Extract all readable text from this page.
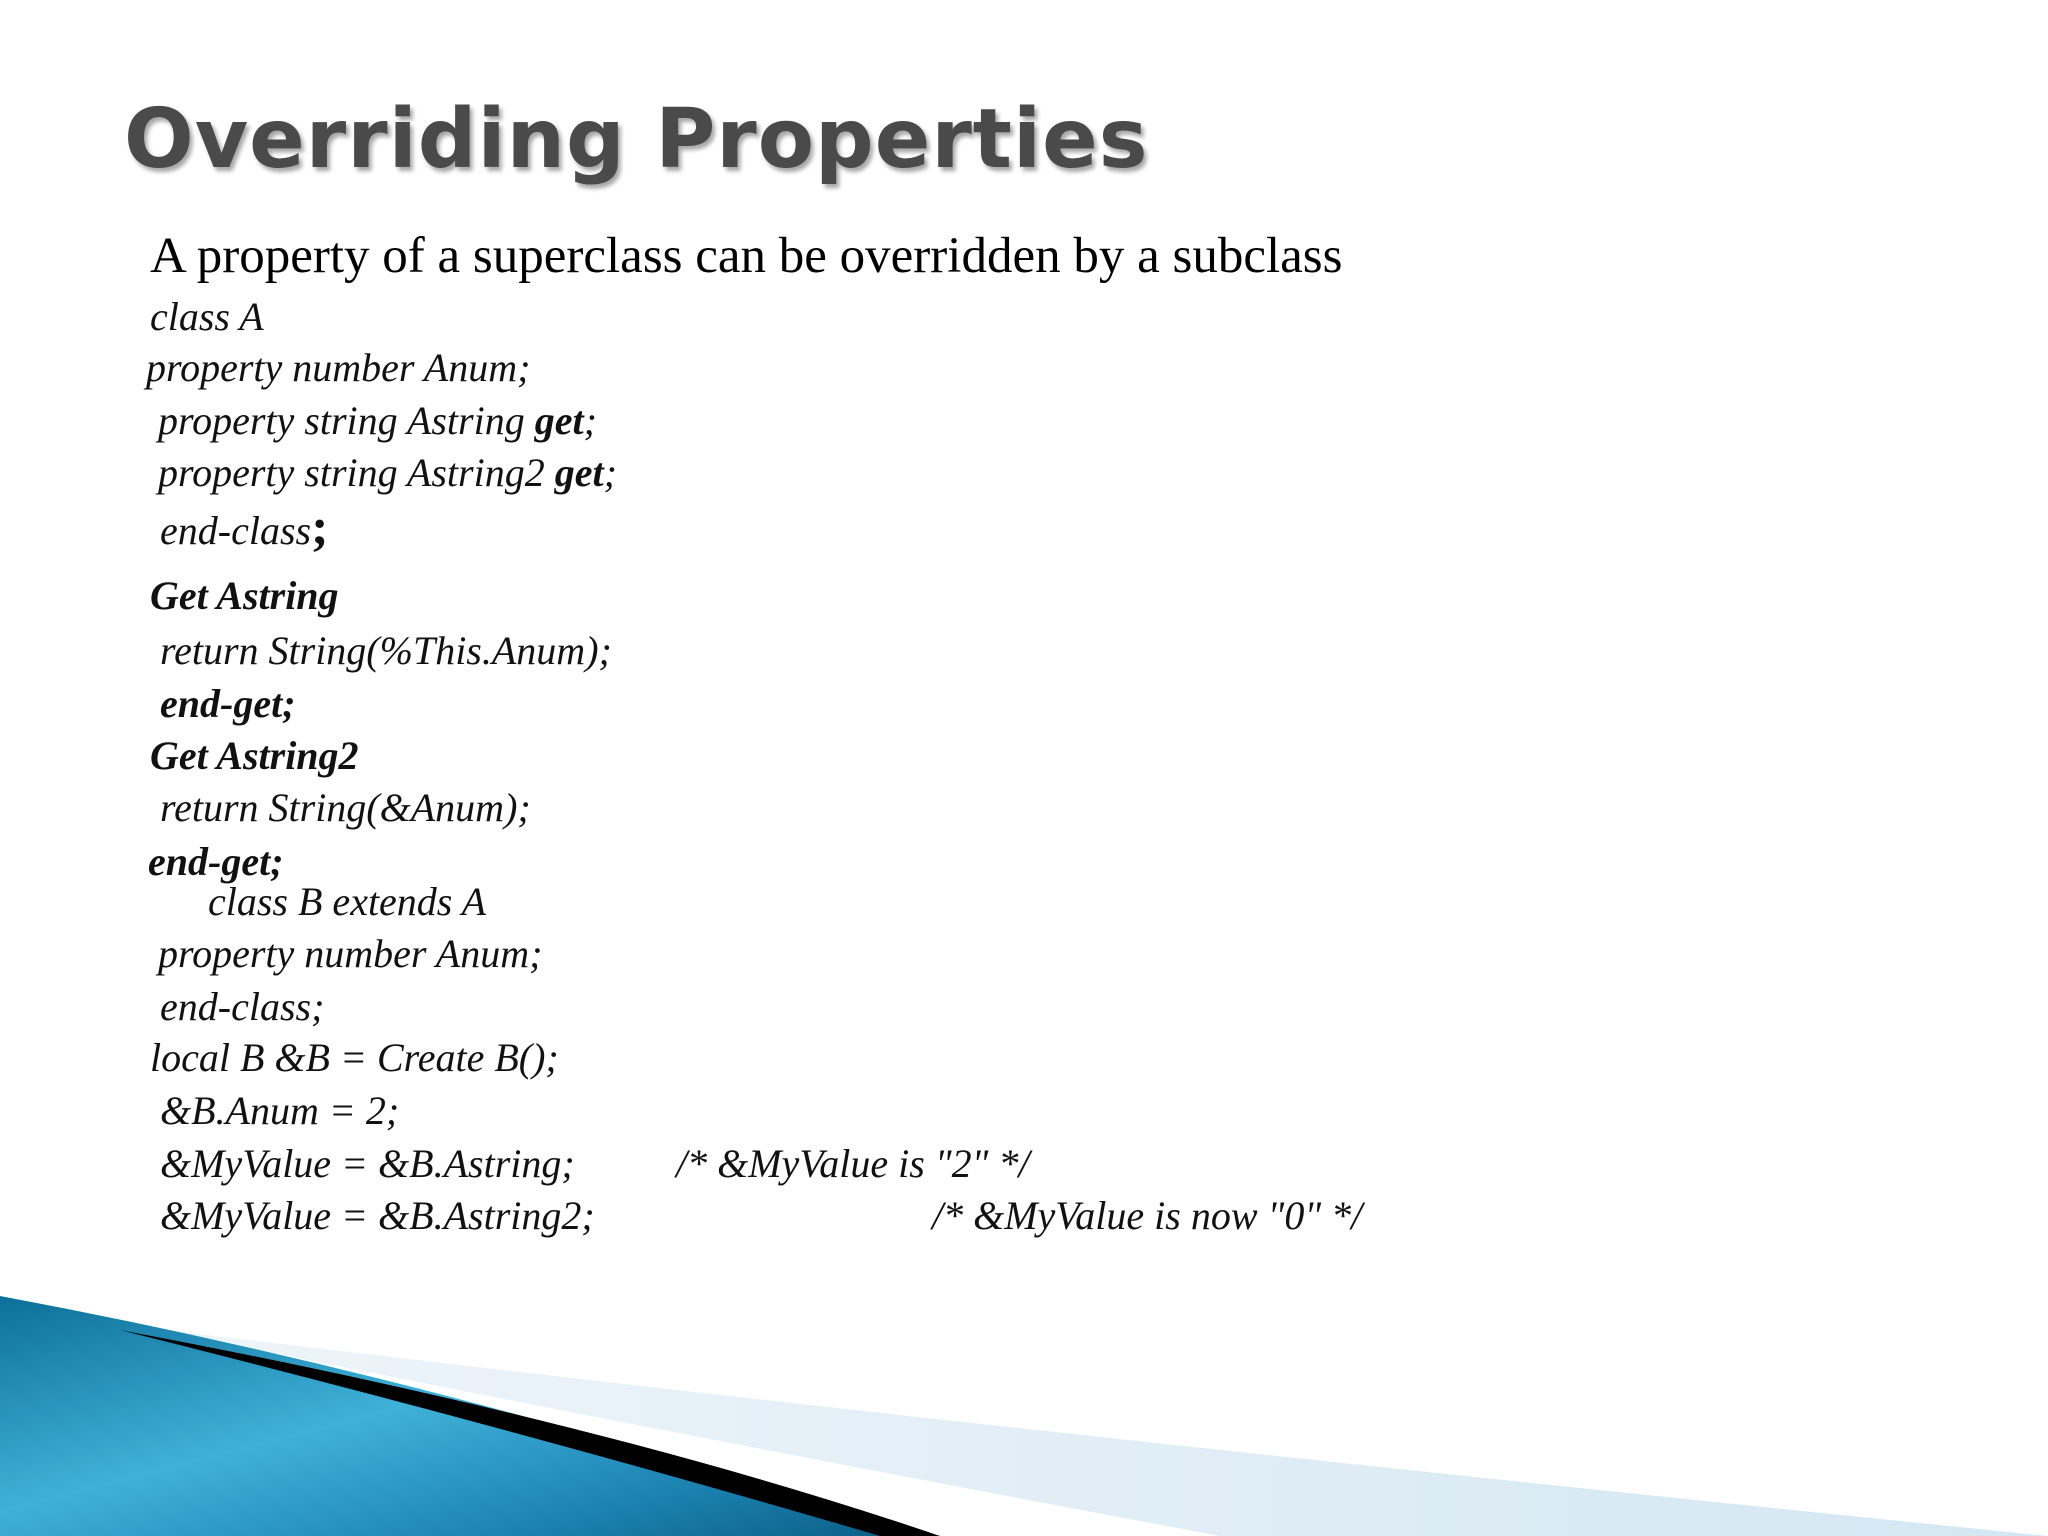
Overriding Properties
A property of a superclass can be overridden by a subclass
class A
property number Anum;
property string Astring get;
property string Astring2 get;
end-class;
Get Astring
return String(%This.Anum);
end-get;
Get Astring2
return String(&Anum);
end-get;
class B extends A
property number Anum;
end-class;
local B &B = Create B();
&B.Anum = 2;
&MyValue = &B.Astring;	/* &MyValue is "2" */
&MyValue = &B.Astring2;	/* &MyValue is now "0" */
